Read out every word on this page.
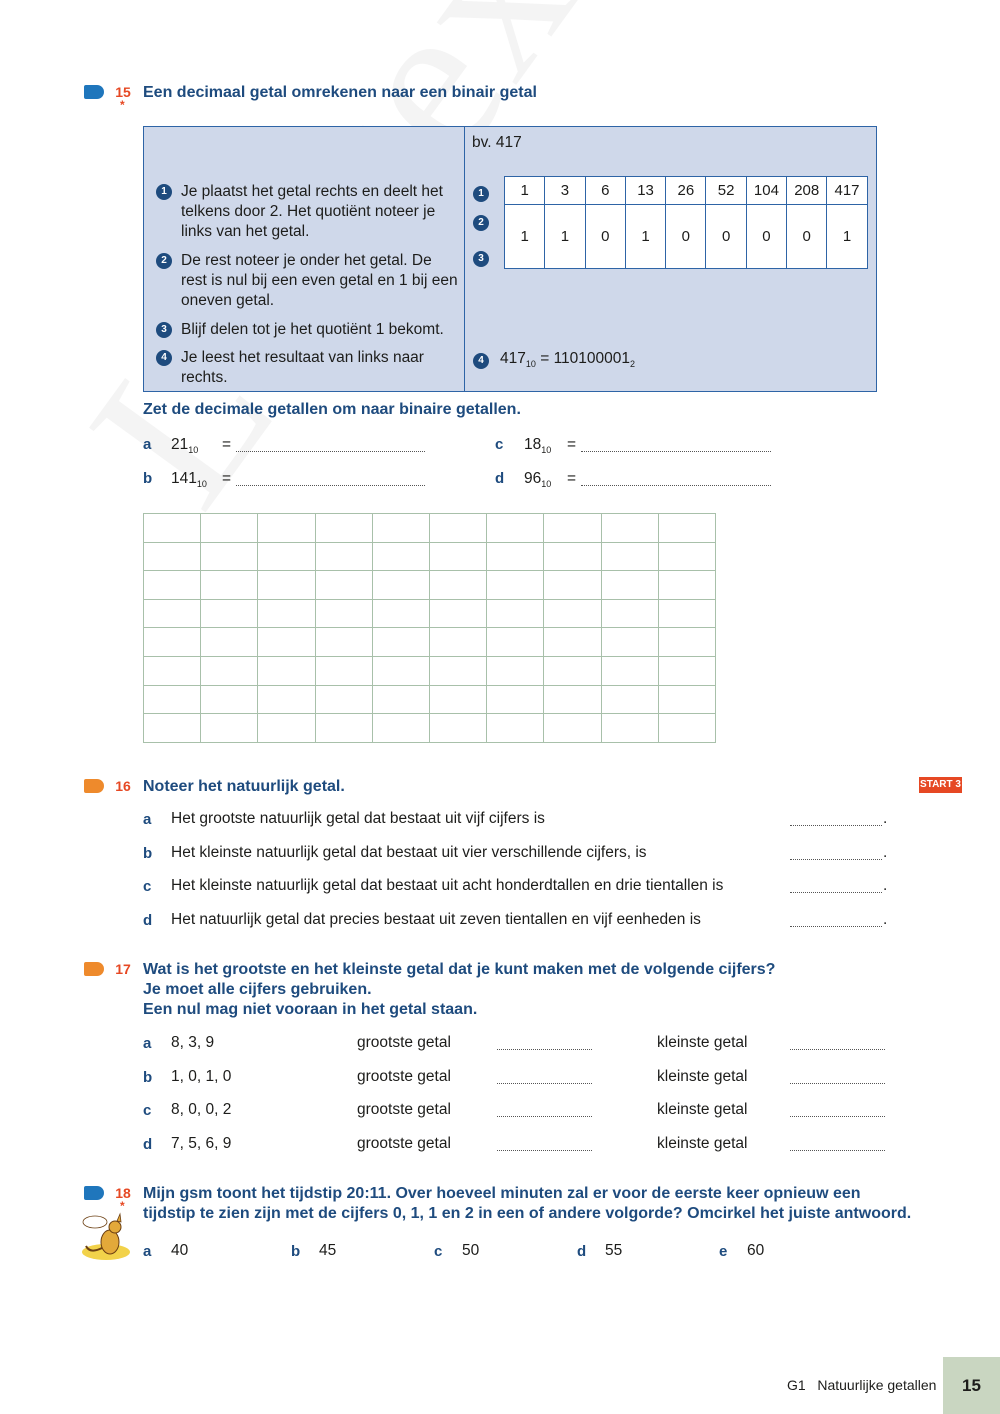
15
*
Een decimaal getal omrekenen naar een binair getal
1 Je plaatst het getal rechts en deelt het telkens door 2. Het quotiënt noteer je links van het getal.
2 De rest noteer je onder het getal. De rest is nul bij een even getal en 1 bij een oneven getal.
3 Blijf delen tot je het quotiënt 1 bekomt.
4 Je leest het resultaat van links naar rechts.
bv. 417
1
2
3
4
1	3	6	13	26	52	104	208	417
1	1	0	1	0	0	0	0	1
$417_{10} = 110100001_2$
Zet de decimale getallen om naar binaire getallen.
a $21_{10}$ =
b $141_{10}$ =
c $18_{10}$ =
d $96_{10}$ =

16 Noteer het natuurlijk getal.	START 3
a Het grootste natuurlijk getal dat bestaat uit vijf cijfers is	.
b Het kleinste natuurlijk getal dat bestaat uit vier verschillende cijfers, is	.
c Het kleinste natuurlijk getal dat bestaat uit acht honderdtallen en drie tientallen is	.
d Het natuurlijk getal dat precies bestaat uit zeven tientallen en vijf eenheden is	.
17 Wat is het grootste en het kleinste getal dat je kunt maken met de volgende cijfers?
Je moet alle cijfers gebruiken.
Een nul mag niet vooraan in het getal staan.
a 8, 3, 9	grootste getal	kleinste getal
b 1, 0, 1, 0	grootste getal	kleinste getal
c 8, 0, 0, 2	grootste getal	kleinste getal
d 7, 5, 6, 9	grootste getal	kleinste getal
18
*
Mijn gsm toont het tijdstip 20:11. Over hoeveel minuten zal er voor de eerste keer opnieuw een
tijdstip te zien zijn met de cijfers 0, 1, 1 en 2 in een of andere volgorde? Omcirkel het juiste antwoord.
a 40	b 45	c 50	d 55	e 60
G1 Natuurlijke getallen	15
